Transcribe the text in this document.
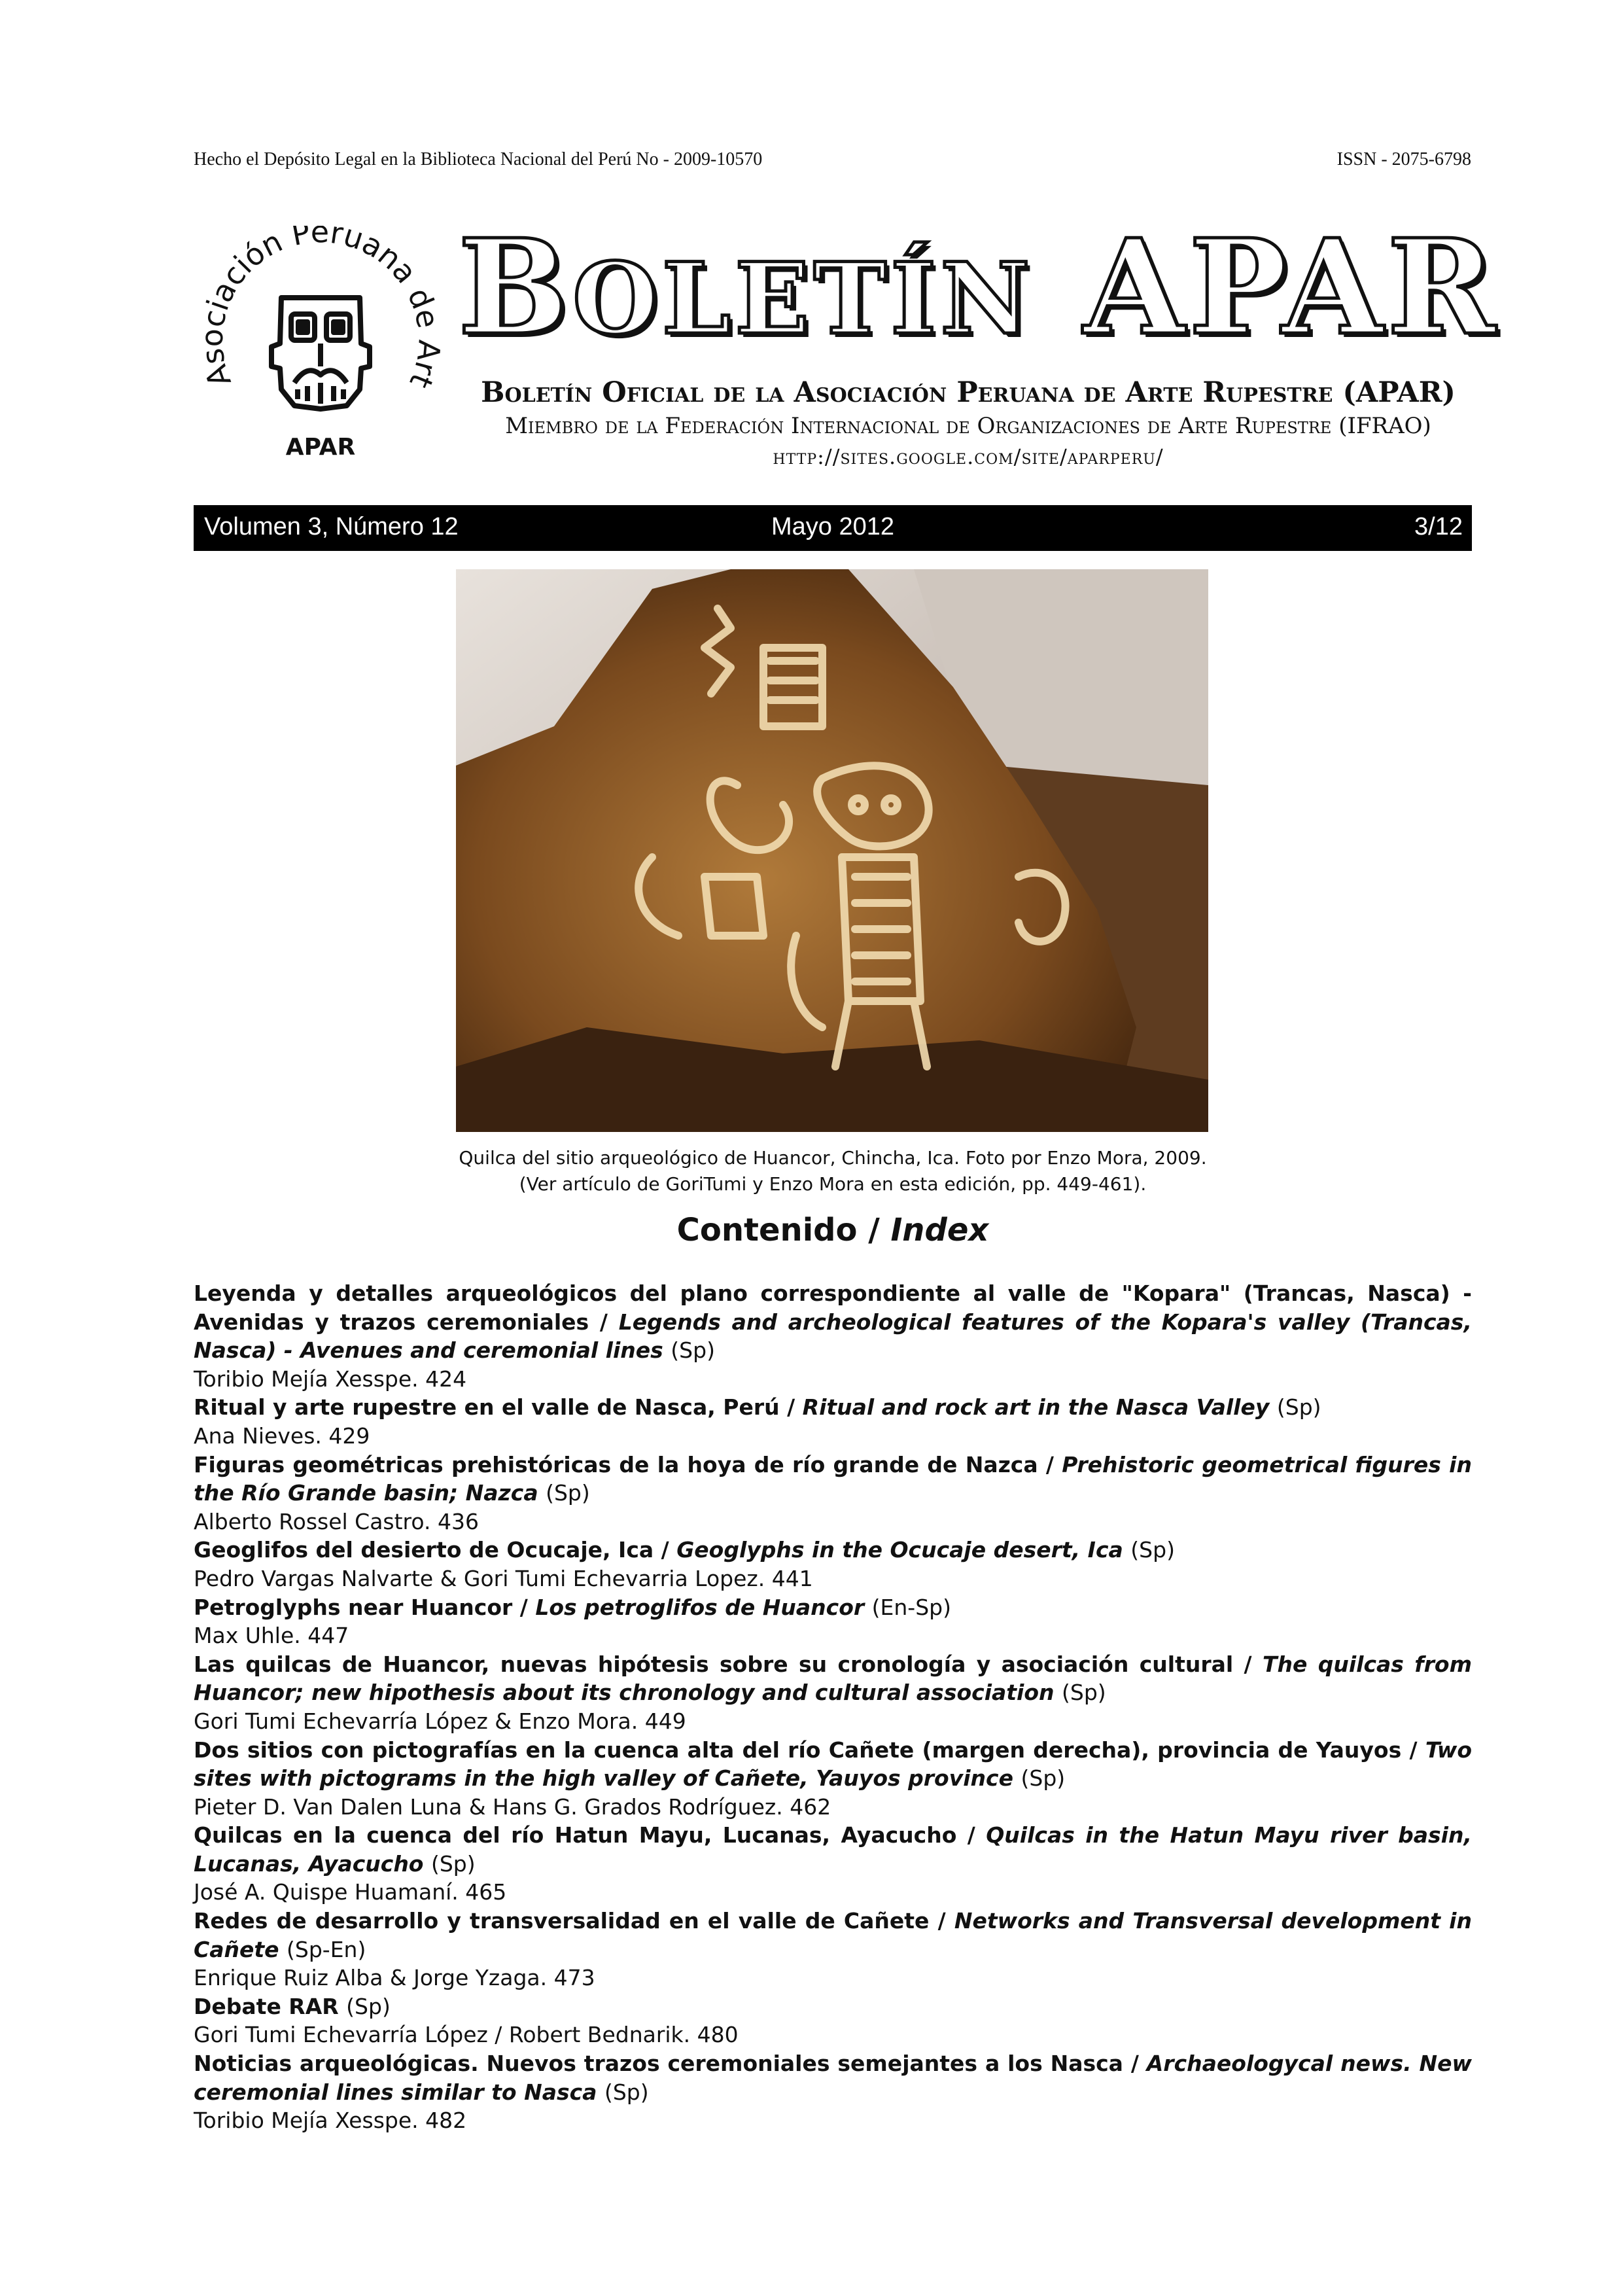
Hecho el Depósito Legal en la Biblioteca Nacional del Perú No - 2009-10570	ISSN - 2075-6798
Asociación Peruana de Art
APAR
BOLETÍN APAR
Boletín Oficial de la Asociación Peruana de Arte Rupestre (APAR)
Miembro de la Federación Internacional de Organizaciones de Arte Rupestre (IFRAO)
http://sites.google.com/site/aparperu/
Volumen 3, Número 12	Mayo 2012	3/12
Quilca del sitio arqueológico de Huancor, Chincha, Ica. Foto por Enzo Mora, 2009.
(Ver artículo de GoriTumi y Enzo Mora en esta edición, pp. 449-461).
Contenido / Index

Leyenda y detalles arqueológicos del plano correspondiente al valle de "Kopara" (Trancas, Nasca) - Avenidas y trazos ceremoniales / Legends and archeological features of the Kopara's valley (Trancas, Nasca) - Avenues and ceremonial lines (Sp)

Toribio Mejía Xesspe. 424

Ritual y arte rupestre en el valle de Nasca, Perú / Ritual and rock art in the Nasca Valley (Sp)

Ana Nieves. 429

Figuras geométricas prehistóricas de la hoya de río grande de Nazca / Prehistoric geometrical figures in the Río Grande basin; Nazca (Sp)

Alberto Rossel Castro. 436

Geoglifos del desierto de Ocucaje, Ica / Geoglyphs in the Ocucaje desert, Ica (Sp)

Pedro Vargas Nalvarte & Gori Tumi Echevarria Lopez. 441

Petroglyphs near Huancor / Los petroglifos de Huancor (En-Sp)

Max Uhle. 447

Las quilcas de Huancor, nuevas hipótesis sobre su cronología y asociación cultural / The quilcas from Huancor; new hipothesis about its chronology and cultural association (Sp)

Gori Tumi Echevarría López & Enzo Mora. 449

Dos sitios con pictografías en la cuenca alta del río Cañete (margen derecha), provincia de Yauyos / Two sites with pictograms in the high valley of Cañete, Yauyos province (Sp)

Pieter D. Van Dalen Luna & Hans G. Grados Rodríguez. 462

Quilcas en la cuenca del río Hatun Mayu, Lucanas, Ayacucho / Quilcas in the Hatun Mayu river basin, Lucanas, Ayacucho (Sp)

José A. Quispe Huamaní. 465

Redes de desarrollo y transversalidad en el valle de Cañete / Networks and Transversal development in Cañete (Sp-En)

Enrique Ruiz Alba & Jorge Yzaga. 473

Debate RAR (Sp)

Gori Tumi Echevarría López / Robert Bednarik. 480

Noticias arqueológicas. Nuevos trazos ceremoniales semejantes a los Nasca / Archaeologycal news. New ceremonial lines similar to Nasca (Sp)

Toribio Mejía Xesspe. 482
